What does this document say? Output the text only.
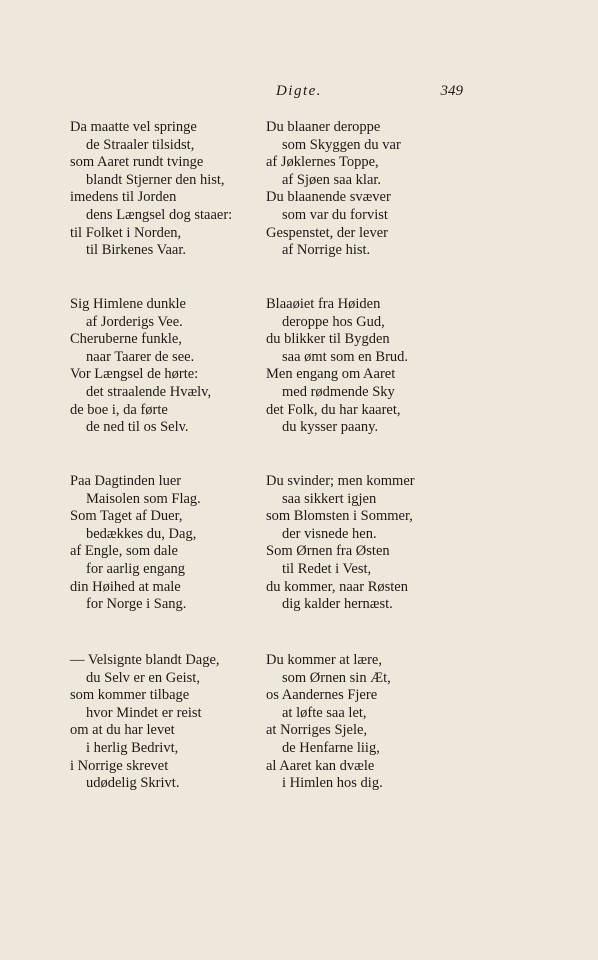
Digte.	349
Da maatte vel springe
de Straaler tilsidst,
som Aaret rundt tvinge
blandt Stjerner den hist,
imedens til Jorden
dens Længsel dog staaer:
til Folket i Norden,
til Birkenes Vaar.
Du blaaner deroppe
som Skyggen du var
af Jøklernes Toppe,
af Sjøen saa klar.
Du blaanende svæver
som var du forvist
Gespenstet, der lever
af Norrige hist.
Sig Himlene dunkle
af Jorderigs Vee.
Cheruberne funkle,
naar Taarer de see.
Vor Længsel de hørte:
det straalende Hvælv,
de boe i, da førte
de ned til os Selv.
Blaaøiet fra Høiden
deroppe hos Gud,
du blikker til Bygden
saa ømt som en Brud.
Men engang om Aaret
med rødmende Sky
det Folk, du har kaaret,
du kysser paany.
Paa Dagtinden luer
Maisolen som Flag.
Som Taget af Duer,
bedækkes du, Dag,
af Engle, som dale
for aarlig engang
din Høihed at male
for Norge i Sang.
Du svinder; men kommer
saa sikkert igjen
som Blomsten i Sommer,
der visnede hen.
Som Ørnen fra Østen
til Redet i Vest,
du kommer, naar Røsten
dig kalder hernæst.
— Velsignte blandt Dage,
du Selv er en Geist,
som kommer tilbage
hvor Mindet er reist
om at du har levet
i herlig Bedrivt,
i Norrige skrevet
udødelig Skrivt.
Du kommer at lære,
som Ørnen sin Æt,
os Aandernes Fjere
at løfte saa let,
at Norriges Sjele,
de Henfarne liig,
al Aaret kan dvæle
i Himlen hos dig.
